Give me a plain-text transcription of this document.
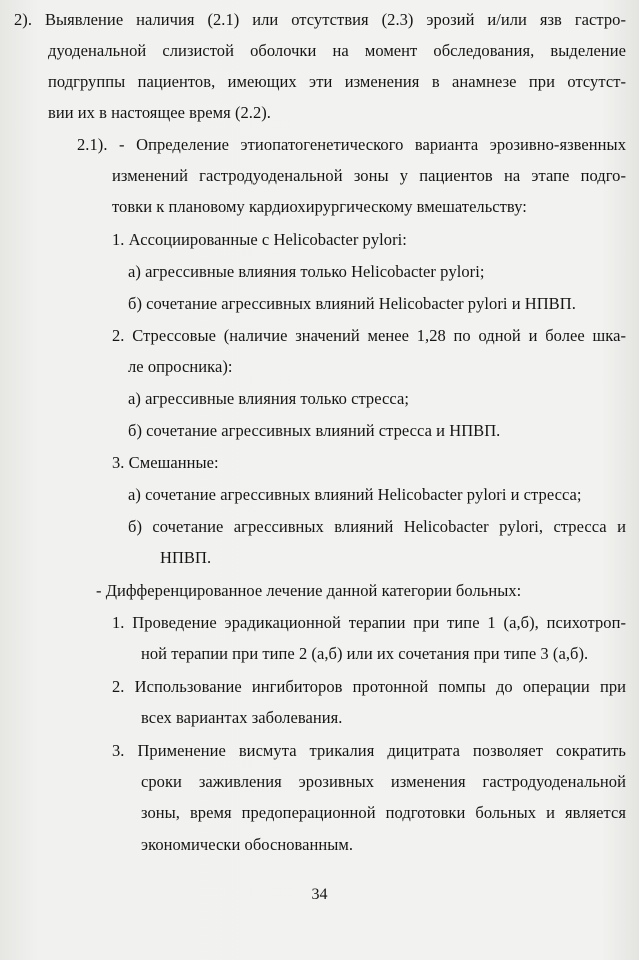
2). Выявление наличия (2.1) или отсутствия (2.3) эрозий и/или язв гастро-
дуоденальной слизистой оболочки на момент обследования, выделение
подгруппы пациентов, имеющих эти изменения в анамнезе при отсутст-
вии их в настоящее время (2.2).
2.1). - Определение этиопатогенетического варианта эрозивно-язвенных
изменений гастродуоденальной зоны у пациентов на этапе подго-
товки к плановому кардиохирургическому вмешательству:
1. Ассоциированные с Helicobacter pylori:
а) агрессивные влияния только Helicobacter pylori;
б) сочетание агрессивных влияний Helicobacter pylori и НПВП.
2. Стрессовые (наличие значений менее 1,28 по одной и более шка-
ле опросника):
а) агрессивные влияния только стресса;
б) сочетание агрессивных влияний стресса и НПВП.
3. Смешанные:
а) сочетание агрессивных влияний Helicobacter pylori и стресса;
б) сочетание агрессивных влияний Helicobacter pylori, стресса и
НПВП.
- Дифференцированное лечение данной категории больных:
1. Проведение эрадикационной терапии при типе 1 (а,б), психотроп-
ной терапии при типе 2 (а,б) или их сочетания при типе 3 (а,б).
2. Использование ингибиторов протонной помпы до операции при
всех вариантах заболевания.
3. Применение висмута трикалия дицитрата позволяет сократить
сроки заживления эрозивных изменения гастродуоденальной
зоны, время предоперационной подготовки больных и является
экономически обоснованным.
34
